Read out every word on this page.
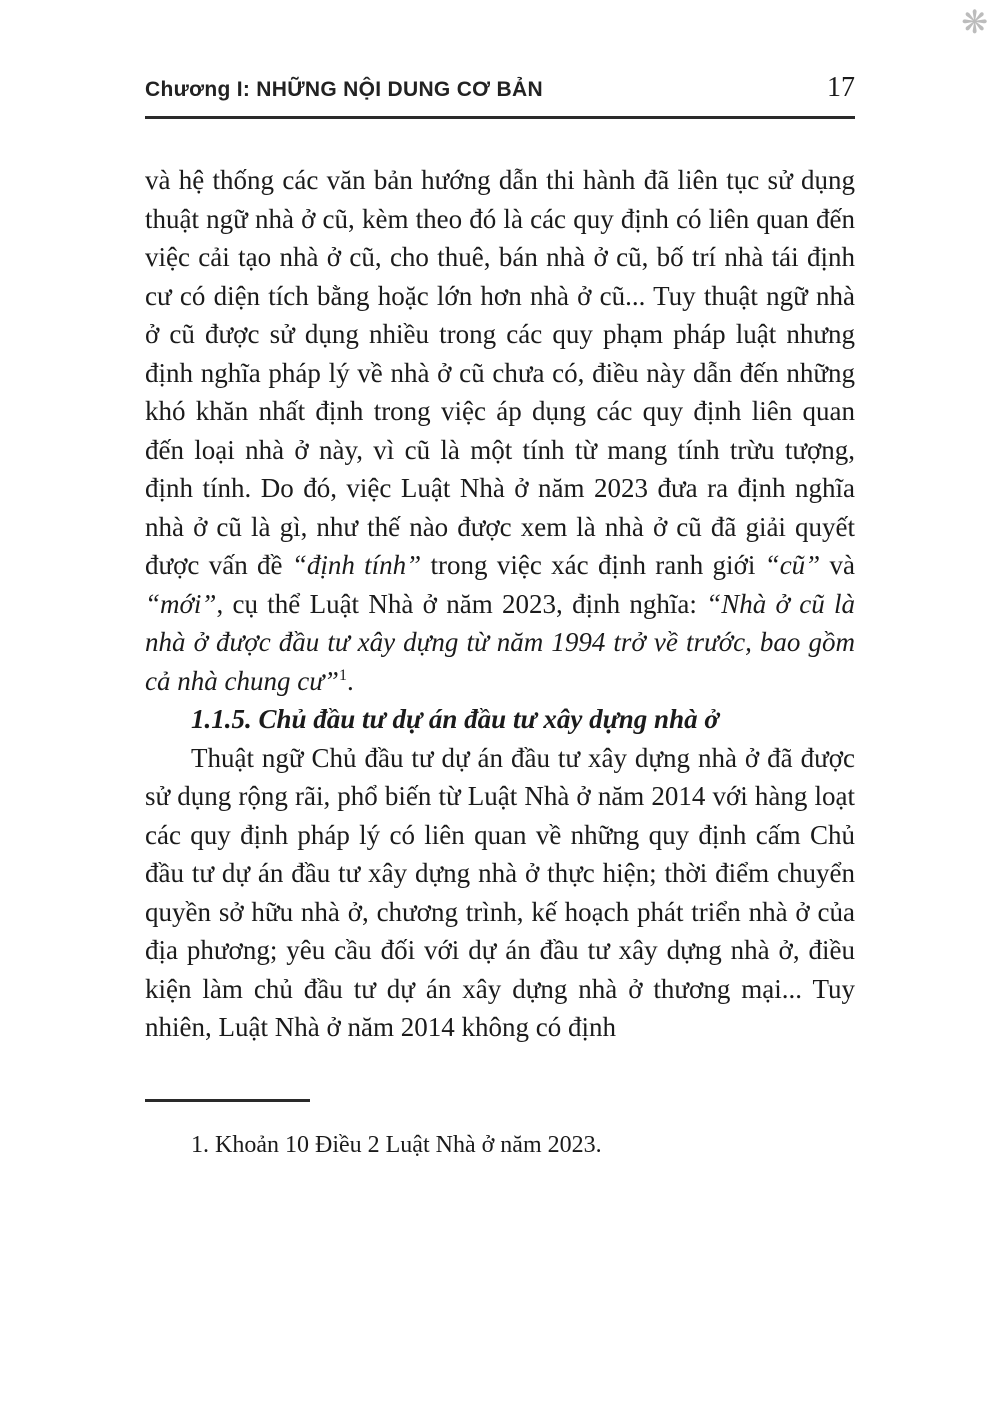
❋
Chương I: NHỮNG NỘI DUNG CƠ BẢN	17

và hệ thống các văn bản hướng dẫn thi hành đã liên tục sử dụng thuật ngữ nhà ở cũ, kèm theo đó là các quy định có liên quan đến việc cải tạo nhà ở cũ, cho thuê, bán nhà ở cũ, bố trí nhà tái định cư có diện tích bằng hoặc lớn hơn nhà ở cũ... Tuy thuật ngữ nhà ở cũ được sử dụng nhiều trong các quy phạm pháp luật nhưng định nghĩa pháp lý về nhà ở cũ chưa có, điều này dẫn đến những khó khăn nhất định trong việc áp dụng các quy định liên quan đến loại nhà ở này, vì cũ là một tính từ mang tính trừu tượng, định tính. Do đó, việc Luật Nhà ở năm 2023 đưa ra định nghĩa nhà ở cũ là gì, như thế nào được xem là nhà ở cũ đã giải quyết được vấn đề “định tính” trong việc xác định ranh giới “cũ” và “mới”, cụ thể Luật Nhà ở năm 2023, định nghĩa: “Nhà ở cũ là nhà ở được đầu tư xây dựng từ năm 1994 trở về trước, bao gồm cả nhà chung cư”$^1$.

1.1.5. Chủ đầu tư dự án đầu tư xây dựng nhà ở

Thuật ngữ Chủ đầu tư dự án đầu tư xây dựng nhà ở đã được sử dụng rộng rãi, phổ biến từ Luật Nhà ở năm 2014 với hàng loạt các quy định pháp lý có liên quan về những quy định cấm Chủ đầu tư dự án đầu tư xây dựng nhà ở thực hiện; thời điểm chuyển quyền sở hữu nhà ở, chương trình, kế hoạch phát triển nhà ở của địa phương; yêu cầu đối với dự án đầu tư xây dựng nhà ở, điều kiện làm chủ đầu tư dự án xây dựng nhà ở thương mại... Tuy nhiên, Luật Nhà ở năm 2014 không có định

1. Khoản 10 Điều 2 Luật Nhà ở năm 2023.
